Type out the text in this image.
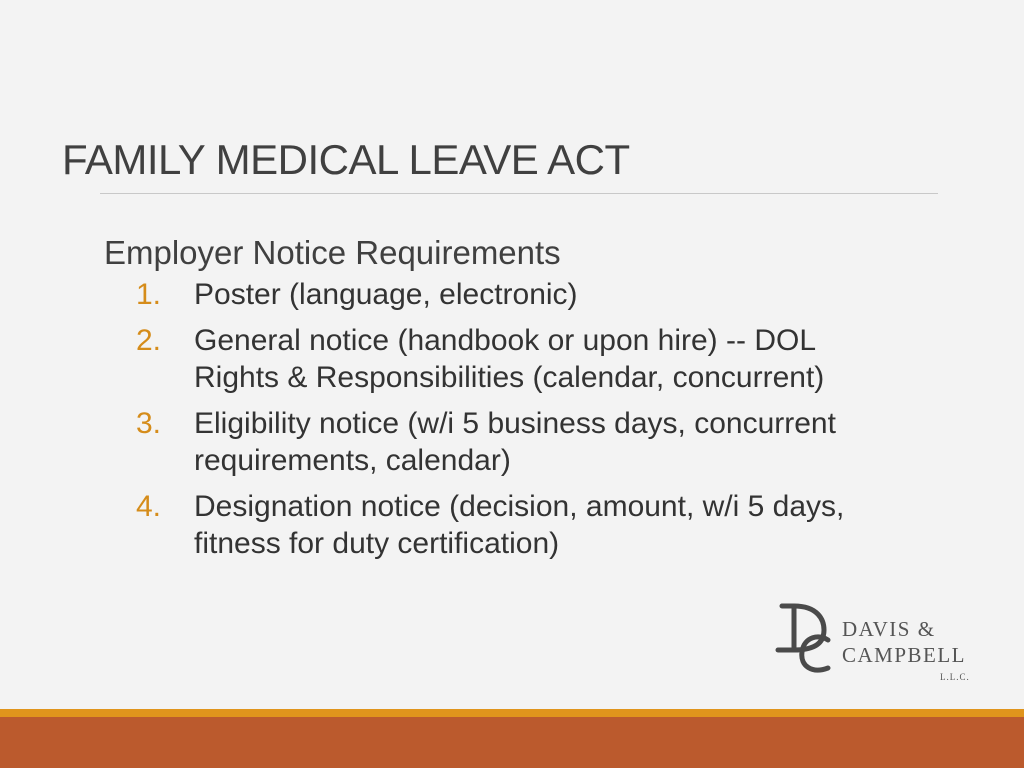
FAMILY MEDICAL LEAVE ACT
Employer Notice Requirements
1.	Poster (language, electronic)
2.	General notice (handbook or upon hire) -- DOL Rights & Responsibilities (calendar, concurrent)
3.	Eligibility notice (w/i 5 business days, concurrent requirements, calendar)
4.	Designation notice (decision, amount, w/i 5 days, fitness for duty certification)
DAVIS &
CAMPBELL
L.L.C.
